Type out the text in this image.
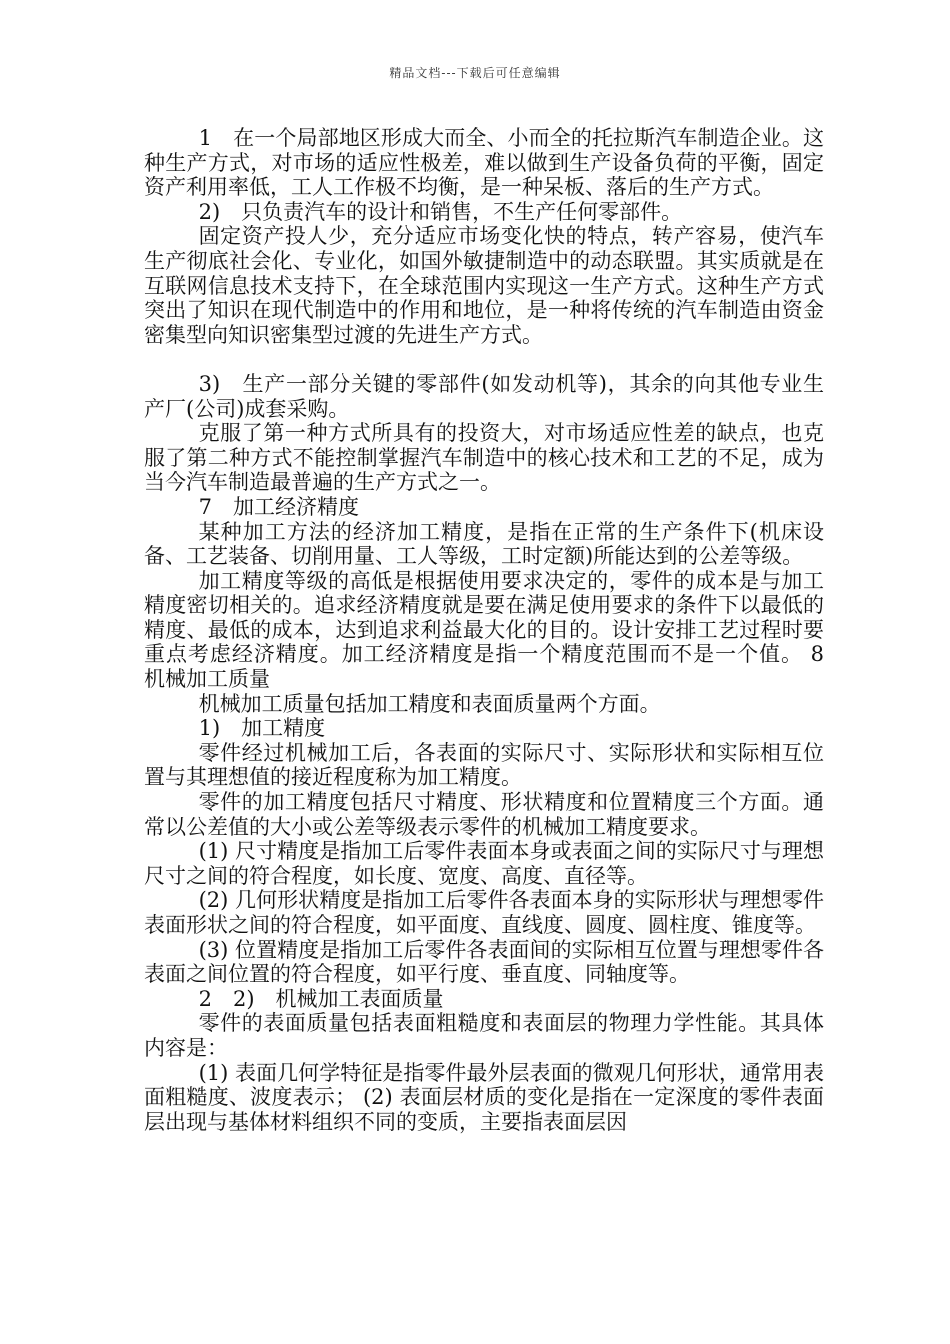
精品文档---下载后可任意编辑

1　在一个局部地区形成大而全、小而全的托拉斯汽车制造企业。这种生产方式，对市场的适应性极差，难以做到生产设备负荷的平衡，固定资产利用率低，工人工作极不均衡，是一种呆板、落后的生产方式。

2)　只负责汽车的设计和销售，不生产任何零部件。

固定资产投人少，充分适应市场变化快的特点，转产容易，使汽车生产彻底社会化、专业化，如国外敏捷制造中的动态联盟。其实质就是在互联网信息技术支持下，在全球范围内实现这一生产方式。这种生产方式突出了知识在现代制造中的作用和地位，是一种将传统的汽车制造由资金密集型向知识密集型过渡的先进生产方式。

3)　生产一部分关键的零部件(如发动机等)，其余的向其他专业生产厂(公司)成套采购。

克服了第一种方式所具有的投资大，对市场适应性差的缺点，也克服了第二种方式不能控制掌握汽车制造中的核心技术和工艺的不足，成为当今汽车制造最普遍的生产方式之一。

7　加工经济精度

某种加工方法的经济加工精度，是指在正常的生产条件下(机床设备、工艺装备、切削用量、工人等级，工时定额)所能达到的公差等级。

加工精度等级的高低是根据使用要求决定的，零件的成本是与加工精度密切相关的。追求经济精度就是要在满足使用要求的条件下以最低的精度、最低的成本，达到追求利益最大化的目的。设计安排工艺过程时要重点考虑经济精度。加工经济精度是指一个精度范围而不是一个值。 8　机械加工质量

机械加工质量包括加工精度和表面质量两个方面。

1)　加工精度

零件经过机械加工后，各表面的实际尺寸、实际形状和实际相互位置与其理想值的接近程度称为加工精度。

零件的加工精度包括尺寸精度、形状精度和位置精度三个方面。通常以公差值的大小或公差等级表示零件的机械加工精度要求。

(1) 尺寸精度是指加工后零件表面本身或表面之间的实际尺寸与理想尺寸之间的符合程度，如长度、宽度、高度、直径等。

(2) 几何形状精度是指加工后零件各表面本身的实际形状与理想零件表面形状之间的符合程度，如平面度、直线度、圆度、圆柱度、锥度等。

(3) 位置精度是指加工后零件各表面间的实际相互位置与理想零件各表面之间位置的符合程度，如平行度、垂直度、同轴度等。

2　2)　机械加工表面质量

零件的表面质量包括表面粗糙度和表面层的物理力学性能。其具体内容是：

(1) 表面几何学特征是指零件最外层表面的微观几何形状，通常用表面粗糙度、波度表示； (2) 表面层材质的变化是指在一定深度的零件表面层出现与基体材料组织不同的变质，主要指表面层因
